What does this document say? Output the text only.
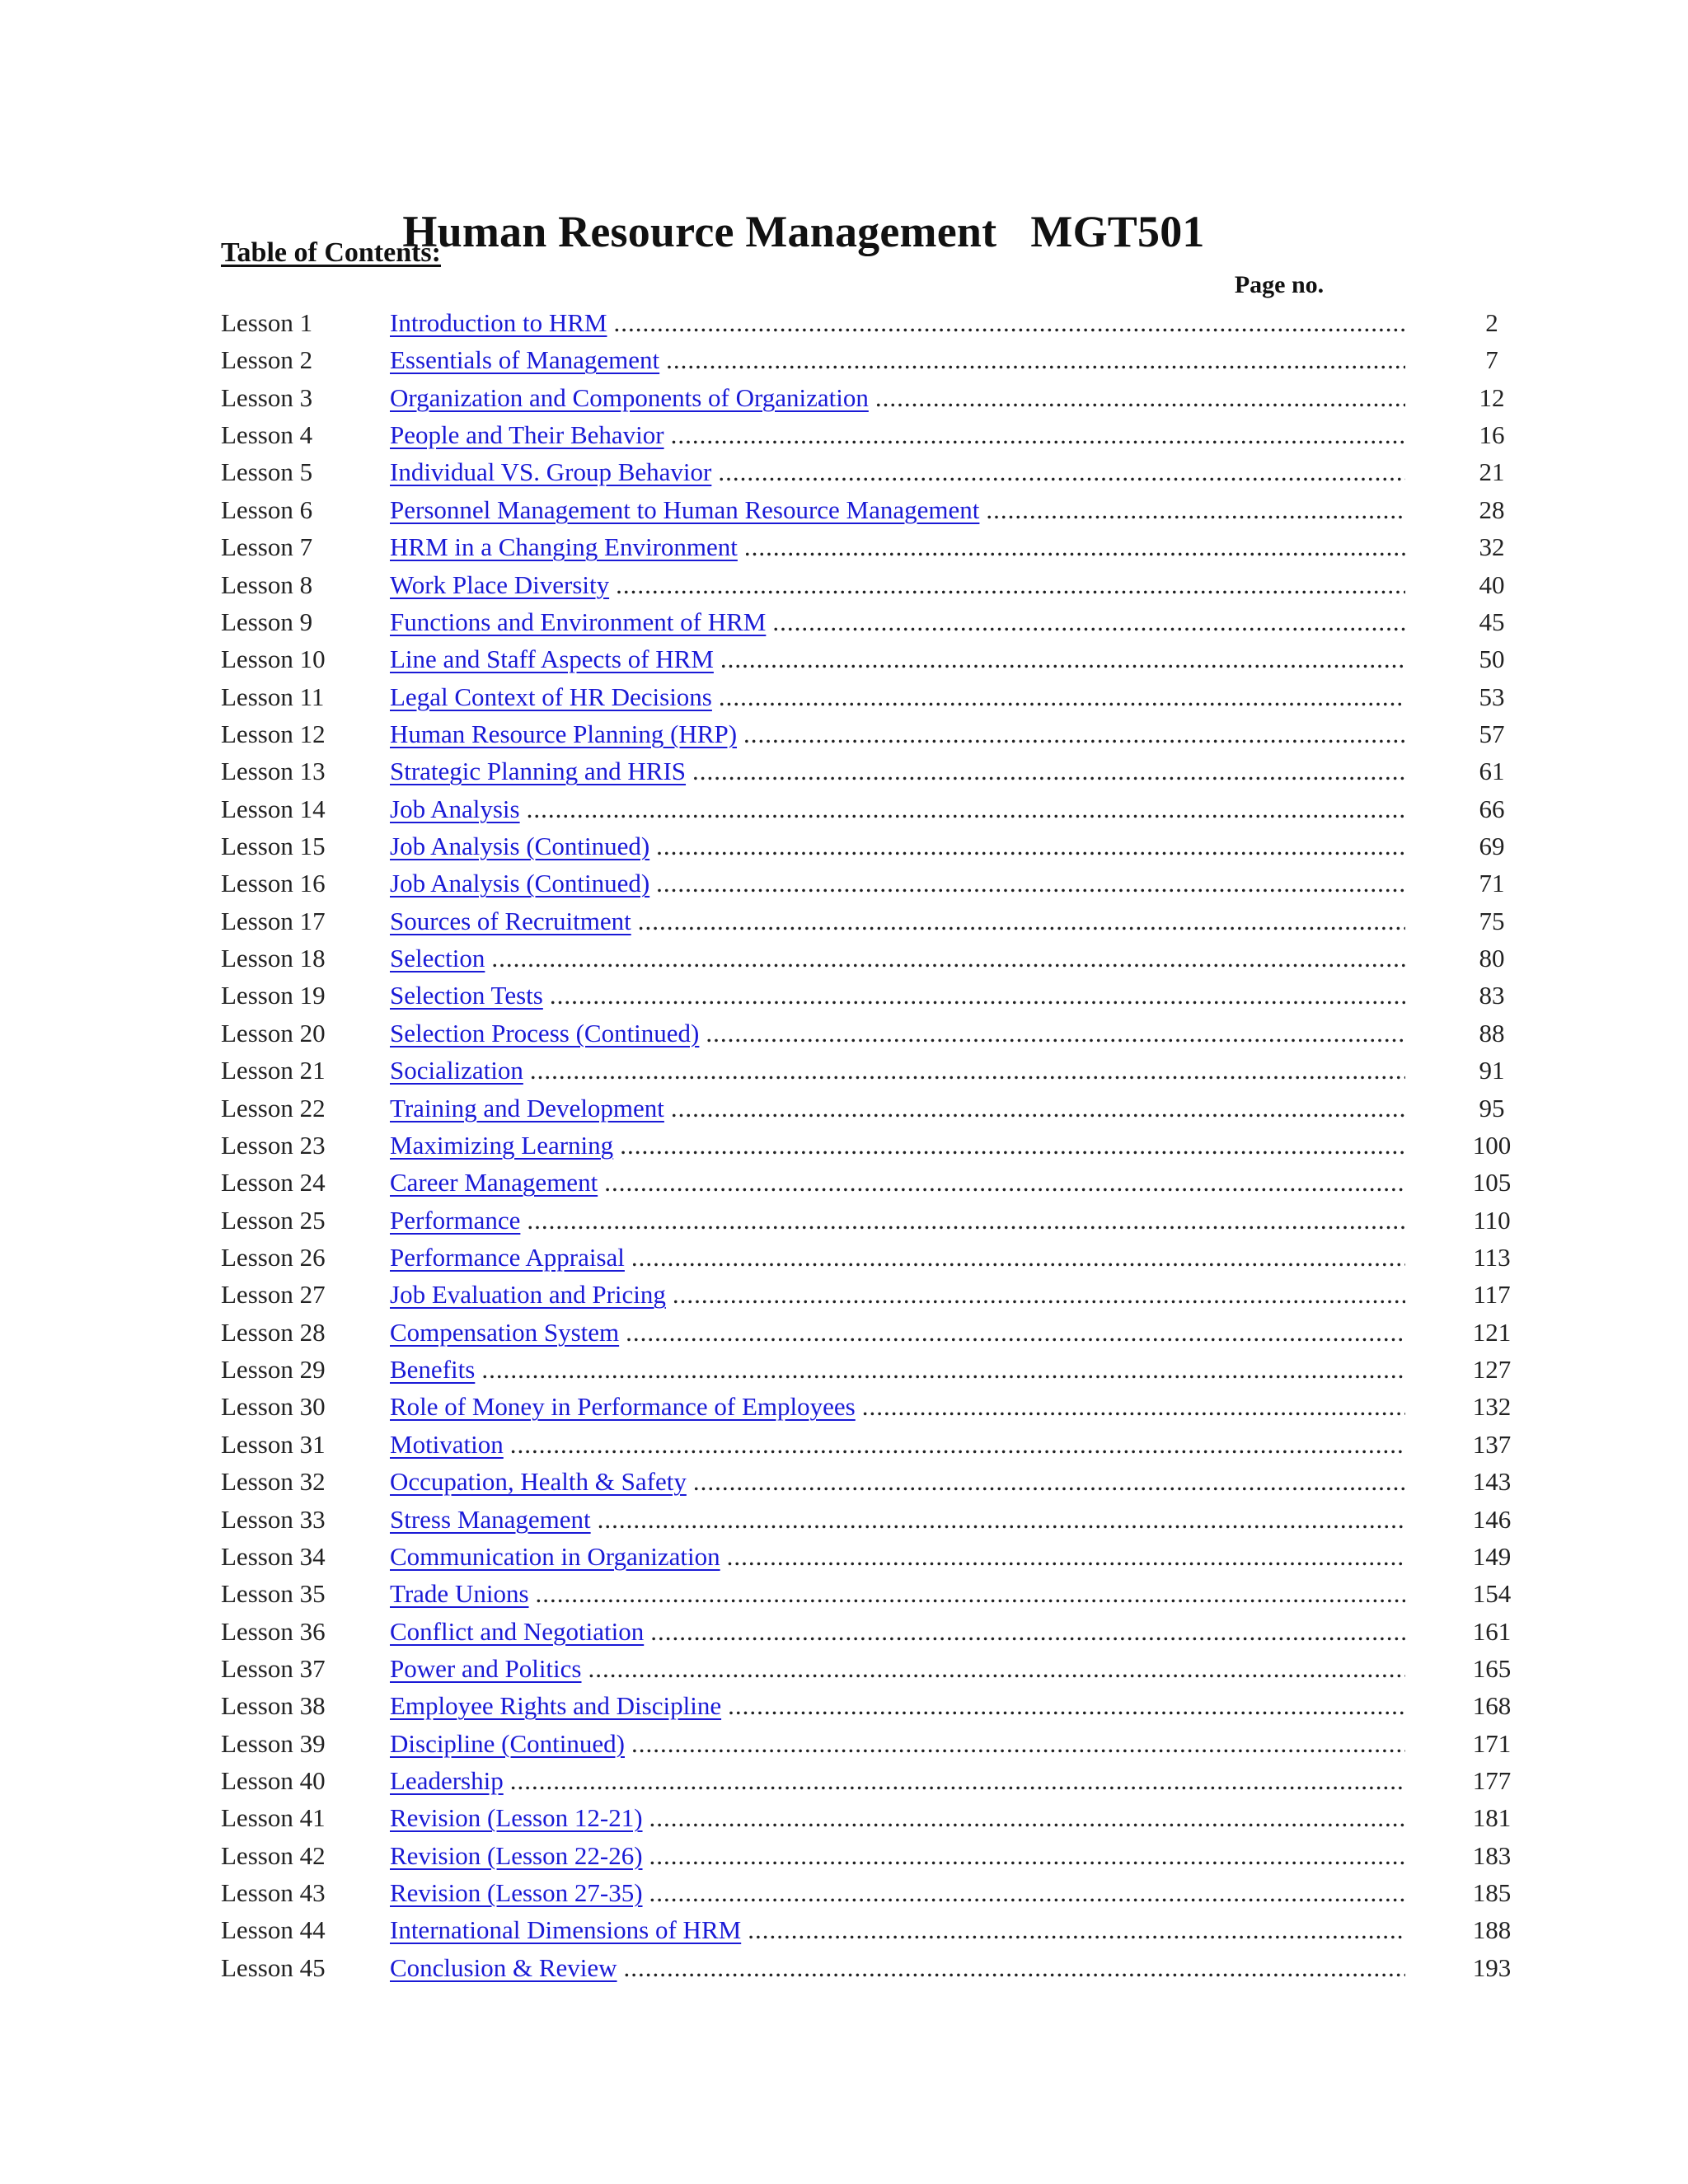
Human Resource Management   MGT501
Table of Contents:
Page no.
Lesson 1	Introduction to HRM .....	2
Lesson 2	Essentials of Management .....	7
Lesson 3	Organization and Components of Organization .....	12
Lesson 4	People and Their Behavior .....	16
Lesson 5	Individual VS. Group Behavior .....	21
Lesson 6	Personnel Management to Human Resource Management .....	28
Lesson 7	HRM in a Changing Environment .....	32
Lesson 8	Work Place Diversity .....	40
Lesson 9	Functions and Environment of HRM .....	45
Lesson 10	Line and Staff Aspects of HRM .....	50
Lesson 11	Legal Context of HR Decisions .....	53
Lesson 12	Human Resource Planning (HRP) .....	57
Lesson 13	Strategic Planning and HRIS .....	61
Lesson 14	Job Analysis .....	66
Lesson 15	Job Analysis (Continued) .....	69
Lesson 16	Job Analysis (Continued) .....	71
Lesson 17	Sources of Recruitment .....	75
Lesson 18	Selection .....	80
Lesson 19	Selection Tests .....	83
Lesson 20	Selection Process (Continued) .....	88
Lesson 21	Socialization .....	91
Lesson 22	Training and Development .....	95
Lesson 23	Maximizing Learning .....	100
Lesson 24	Career Management .....	105
Lesson 25	Performance .....	110
Lesson 26	Performance Appraisal .....	113
Lesson 27	Job Evaluation and Pricing .....	117
Lesson 28	Compensation System .....	121
Lesson 29	Benefits .....	127
Lesson 30	Role of Money in Performance of Employees .....	132
Lesson 31	Motivation .....	137
Lesson 32	Occupation, Health & Safety .....	143
Lesson 33	Stress Management .....	146
Lesson 34	Communication in Organization .....	149
Lesson 35	Trade Unions .....	154
Lesson 36	Conflict and Negotiation .....	161
Lesson 37	Power and Politics .....	165
Lesson 38	Employee Rights and Discipline .....	168
Lesson 39	Discipline (Continued) .....	171
Lesson 40	Leadership .....	177
Lesson 41	Revision (Lesson 12-21) .....	181
Lesson 42	Revision (Lesson 22-26) .....	183
Lesson 43	Revision (Lesson 27-35) .....	185
Lesson 44	International Dimensions of HRM .....	188
Lesson 45	Conclusion & Review .....	193
